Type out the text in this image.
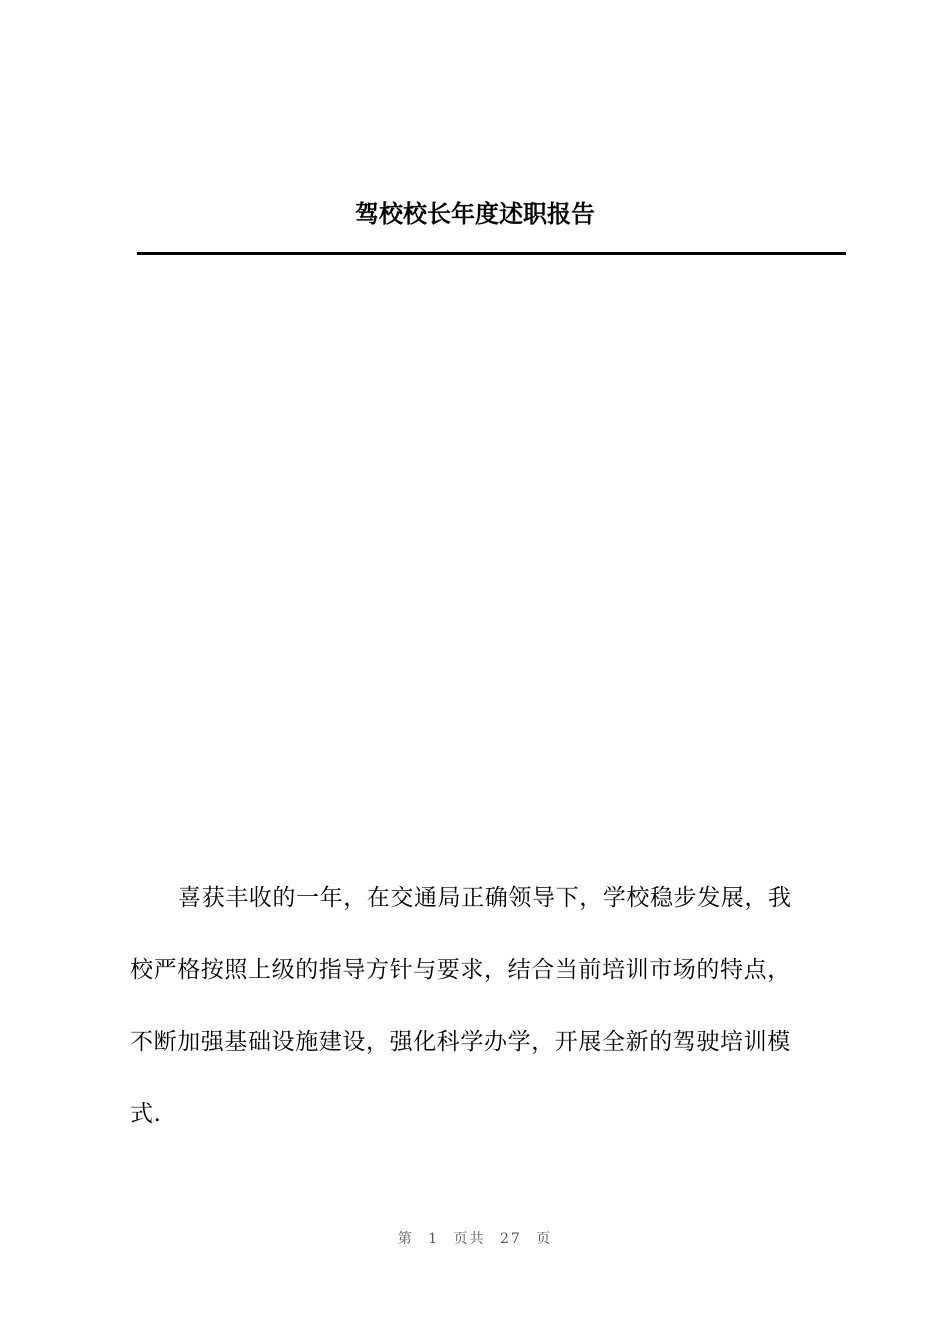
驾校校长年度述职报告
喜获丰收的一年，在交通局正确领导下，学校稳步发展，我
校严格按照上级的指导方针与要求，结合当前培训市场的特点，
不断加强基础设施建设，强化科学办学，开展全新的驾驶培训模
式.
第 1 页共 27 页
